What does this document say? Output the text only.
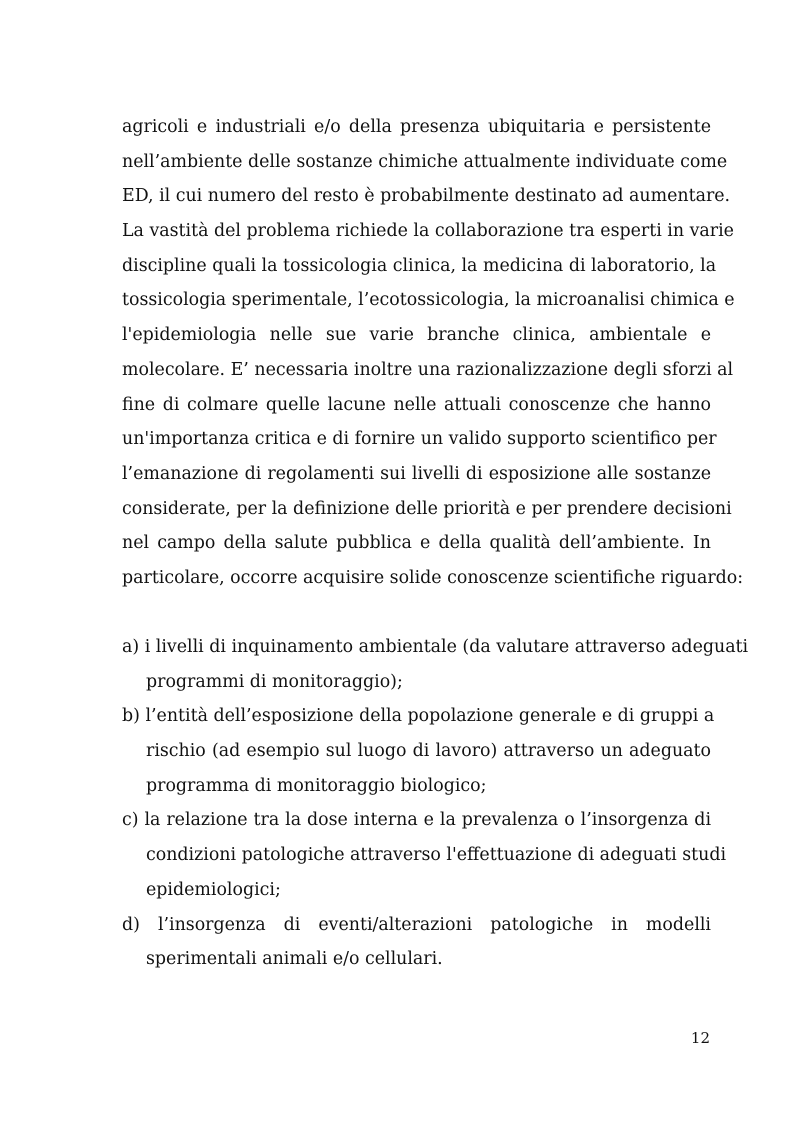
agricoli e industriali e/o della presenza ubiquitaria e persistente
nell’ambiente delle sostanze chimiche attualmente individuate come
ED, il cui numero del resto è probabilmente destinato ad aumentare.
La vastità del problema richiede la collaborazione tra esperti in varie
discipline quali la tossicologia clinica, la medicina di laboratorio, la
tossicologia sperimentale, l’ecotossicologia, la microanalisi chimica e
l'epidemiologia nelle sue varie branche clinica, ambientale e
molecolare. E’ necessaria inoltre una razionalizzazione degli sforzi al
fine di colmare quelle lacune nelle attuali conoscenze che hanno
un'importanza critica e di fornire un valido supporto scientifico per
l’emanazione di regolamenti sui livelli di esposizione alle sostanze
considerate, per la definizione delle priorità e per prendere decisioni
nel campo della salute pubblica e della qualità dell’ambiente. In
particolare, occorre acquisire solide conoscenze scientifiche riguardo:
a) i livelli di inquinamento ambientale (da valutare attraverso adeguati
programmi di monitoraggio);
b) l’entità dell’esposizione della popolazione generale e di gruppi a
rischio (ad esempio sul luogo di lavoro) attraverso un adeguato
programma di monitoraggio biologico;
c) la relazione tra la dose interna e la prevalenza o l’insorgenza di
condizioni patologiche attraverso l'effettuazione di adeguati studi
epidemiologici;
d) l’insorgenza di eventi/alterazioni patologiche in modelli
sperimentali animali e/o cellulari.
12
